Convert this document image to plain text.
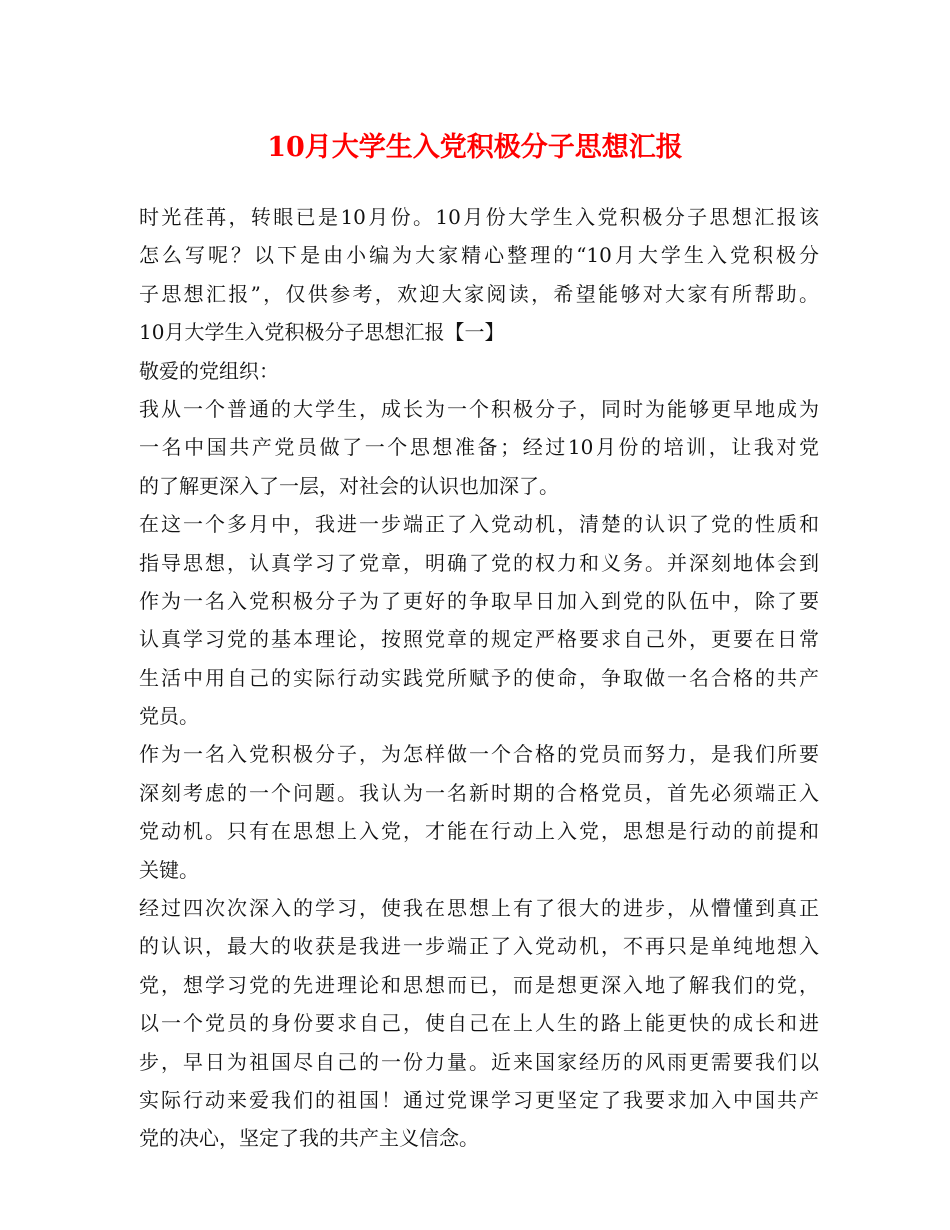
10月大学生入党积极分子思想汇报
时光荏苒，转眼已是10月份。10月份大学生入党积极分子思想汇报该
怎么写呢？以下是由小编为大家精心整理的“10月大学生入党积极分
子思想汇报”，仅供参考，欢迎大家阅读，希望能够对大家有所帮助。
10月大学生入党积极分子思想汇报【一】
敬爱的党组织：
我从一个普通的大学生，成长为一个积极分子，同时为能够更早地成为
一名中国共产党员做了一个思想准备；经过10月份的培训，让我对党
的了解更深入了一层，对社会的认识也加深了。
在这一个多月中，我进一步端正了入党动机，清楚的认识了党的性质和
指导思想，认真学习了党章，明确了党的权力和义务。并深刻地体会到
作为一名入党积极分子为了更好的争取早日加入到党的队伍中，除了要
认真学习党的基本理论，按照党章的规定严格要求自己外，更要在日常
生活中用自己的实际行动实践党所赋予的使命，争取做一名合格的共产
党员。
作为一名入党积极分子，为怎样做一个合格的党员而努力，是我们所要
深刻考虑的一个问题。我认为一名新时期的合格党员，首先必须端正入
党动机。只有在思想上入党，才能在行动上入党，思想是行动的前提和
关键。
经过四次次深入的学习，使我在思想上有了很大的进步，从懵懂到真正
的认识，最大的收获是我进一步端正了入党动机，不再只是单纯地想入
党，想学习党的先进理论和思想而已，而是想更深入地了解我们的党，
以一个党员的身份要求自己，使自己在上人生的路上能更快的成长和进
步，早日为祖国尽自己的一份力量。近来国家经历的风雨更需要我们以
实际行动来爱我们的祖国！通过党课学习更坚定了我要求加入中国共产
党的决心，坚定了我的共产主义信念。
